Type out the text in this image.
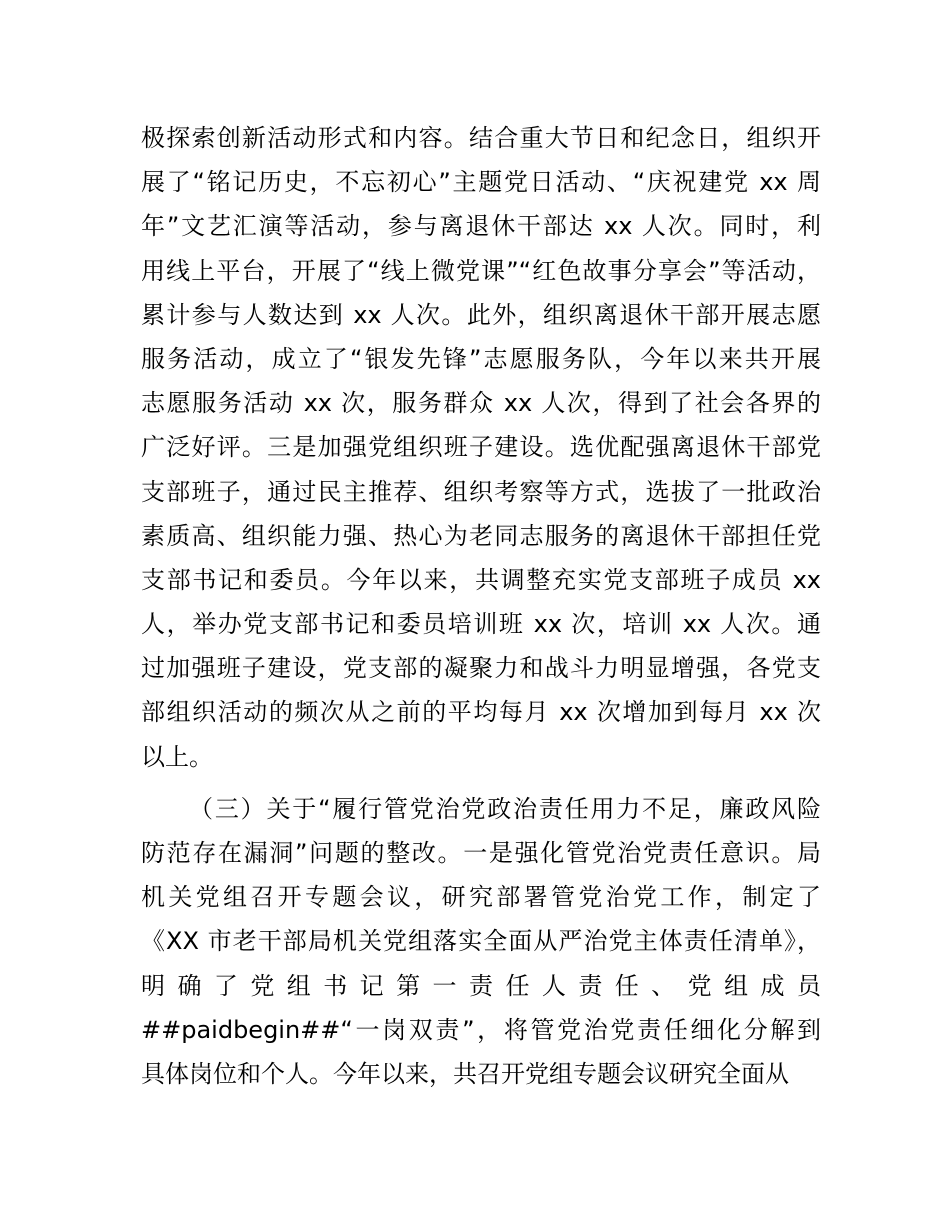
极探索创新活动形式和内容。结合重大节日和纪念日，组织开
展了“铭记历史，不忘初心”主题党日活动、“庆祝建党 xx 周
年”文艺汇演等活动，参与离退休干部达 xx 人次。同时，利
用线上平台，开展了“线上微党课”“红色故事分享会”等活动，
累计参与人数达到 xx 人次。此外，组织离退休干部开展志愿
服务活动，成立了“银发先锋”志愿服务队，今年以来共开展
志愿服务活动 xx 次，服务群众 xx 人次，得到了社会各界的
广泛好评。三是加强党组织班子建设。选优配强离退休干部党
支部班子，通过民主推荐、组织考察等方式，选拔了一批政治
素质高、组织能力强、热心为老同志服务的离退休干部担任党
支部书记和委员。今年以来，共调整充实党支部班子成员 xx
人，举办党支部书记和委员培训班 xx 次，培训 xx 人次。通
过加强班子建设，党支部的凝聚力和战斗力明显增强，各党支
部组织活动的频次从之前的平均每月 xx 次增加到每月 xx 次
以上。
（三）关于“履行管党治党政治责任用力不足，廉政风险
防范存在漏洞”问题的整改。一是强化管党治党责任意识。局
机关党组召开专题会议，研究部署管党治党工作，制定了
《XX 市老干部局机关党组落实全面从严治党主体责任清单》，
明确了党组书记第一责任人责任、党组成员
##paidbegin##“一岗双责”，将管党治党责任细化分解到
具体岗位和个人。今年以来，共召开党组专题会议研究全面从
